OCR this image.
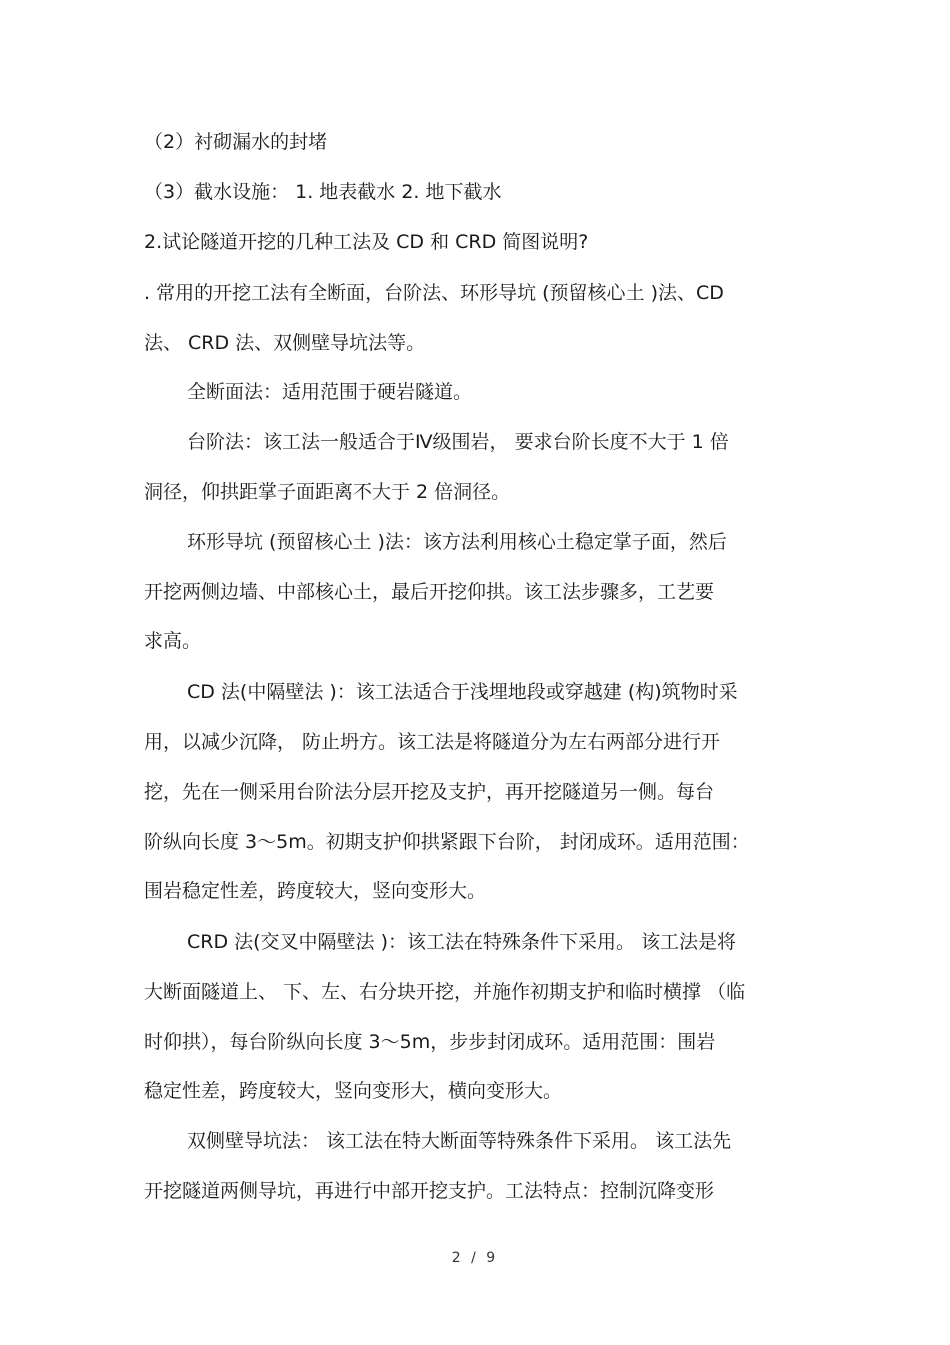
（2）衬砌漏水的封堵

（3）截水设施： 1. 地表截水 2. 地下截水

2.试论隧道开挖的几种工法及 CD 和 CRD 简图说明?

. 常用的开挖工法有全断面，台阶法、环形导坑 (预留核心土 )法、CD

法、 CRD 法、双侧壁导坑法等。

全断面法：适用范围于硬岩隧道。

台阶法：该工法一般适合于Ⅳ级围岩， 要求台阶长度不大于 1 倍

洞径，仰拱距掌子面距离不大于 2 倍洞径。

环形导坑 (预留核心土 )法：该方法利用核心土稳定掌子面，然后

开挖两侧边墙、中部核心土，最后开挖仰拱。该工法步骤多，工艺要

求高。

CD 法(中隔壁法 )：该工法适合于浅埋地段或穿越建 (构)筑物时采

用，以减少沉降， 防止坍方。该工法是将隧道分为左右两部分进行开

挖，先在一侧采用台阶法分层开挖及支护，再开挖隧道另一侧。每台

阶纵向长度 3～5m。初期支护仰拱紧跟下台阶， 封闭成环。适用范围：

围岩稳定性差，跨度较大，竖向变形大。

CRD 法(交叉中隔壁法 )：该工法在特殊条件下采用。 该工法是将

大断面隧道上、 下、左、右分块开挖，并施作初期支护和临时横撑 （临

时仰拱），每台阶纵向长度 3～5m，步步封闭成环。适用范围：围岩

稳定性差，跨度较大，竖向变形大，横向变形大。

双侧壁导坑法： 该工法在特大断面等特殊条件下采用。 该工法先

开挖隧道两侧导坑，再进行中部开挖支护。工法特点：控制沉降变形

2 / 9
